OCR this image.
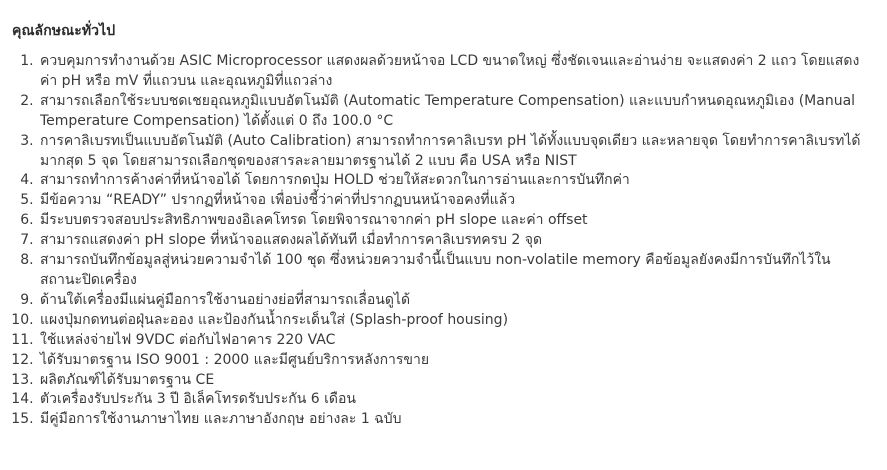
คุณลักษณะทั่วไป
1. ควบคุมการทำงานด้วย ASIC Microprocessor แสดงผลด้วยหน้าจอ LCD ขนาดใหญ่ ซึ่งชัดเจนและอ่านง่าย จะแสดงค่า 2 แถว โดยแสดงค่า pH หรือ mV ที่แถวบน และอุณหภูมิที่แถวล่าง
2. สามารถเลือกใช้ระบบชดเชยอุณหภูมิแบบอัตโนมัติ (Automatic Temperature Compensation) และแบบกำหนดอุณหภูมิเอง (Manual Temperature Compensation) ได้ตั้งแต่ 0 ถึง 100.0 °C
3. การคาลิเบรทเป็นแบบอัตโนมัติ (Auto Calibration) สามารถทำการคาลิเบรท pH ได้ทั้งแบบจุดเดียว และหลายจุด โดยทำการคาลิเบรทได้มากสุด 5 จุด โดยสามารถเลือกชุดของสารละลายมาตรฐานได้ 2 แบบ คือ USA หรือ NIST
4. สามารถทำการค้างค่าที่หน้าจอได้ โดยการกดปุ่ม HOLD ช่วยให้สะดวกในการอ่านและการบันทึกค่า
5. มีข้อความ “READY” ปรากฏที่หน้าจอ เพื่อบ่งชี้ว่าค่าที่ปรากฏบนหน้าจอคงที่แล้ว
6. มีระบบตรวจสอบประสิทธิภาพของอิเลคโทรด โดยพิจารณาจากค่า pH slope และค่า offset
7. สามารถแสดงค่า pH slope ที่หน้าจอแสดงผลได้ทันที เมื่อทำการคาลิเบรทครบ 2 จุด
8. สามารถบันทึกข้อมูลสู่หน่วยความจำได้ 100 ชุด ซึ่งหน่วยความจำนี้เป็นแบบ non-volatile memory คือข้อมูลยังคงมีการบันทึกไว้ในสถานะปิดเครื่อง
9. ด้านใต้เครื่องมีแผ่นคู่มือการใช้งานอย่างย่อที่สามารถเลื่อนดูได้
10. แผงปุ่มกดทนต่อฝุ่นละออง และป้องกันน้ำกระเด็นใส่ (Splash-proof housing)
11. ใช้แหล่งจ่ายไฟ 9VDC ต่อกับไฟอาคาร 220 VAC
12. ได้รับมาตรฐาน ISO 9001 : 2000 และมีศูนย์บริการหลังการขาย
13. ผลิตภัณฑ์ได้รับมาตรฐาน CE
14. ตัวเครื่องรับประกัน 3 ปี อิเล็คโทรดรับประกัน 6 เดือน
15. มีคู่มือการใช้งานภาษาไทย และภาษาอังกฤษ อย่างละ 1 ฉบับ
